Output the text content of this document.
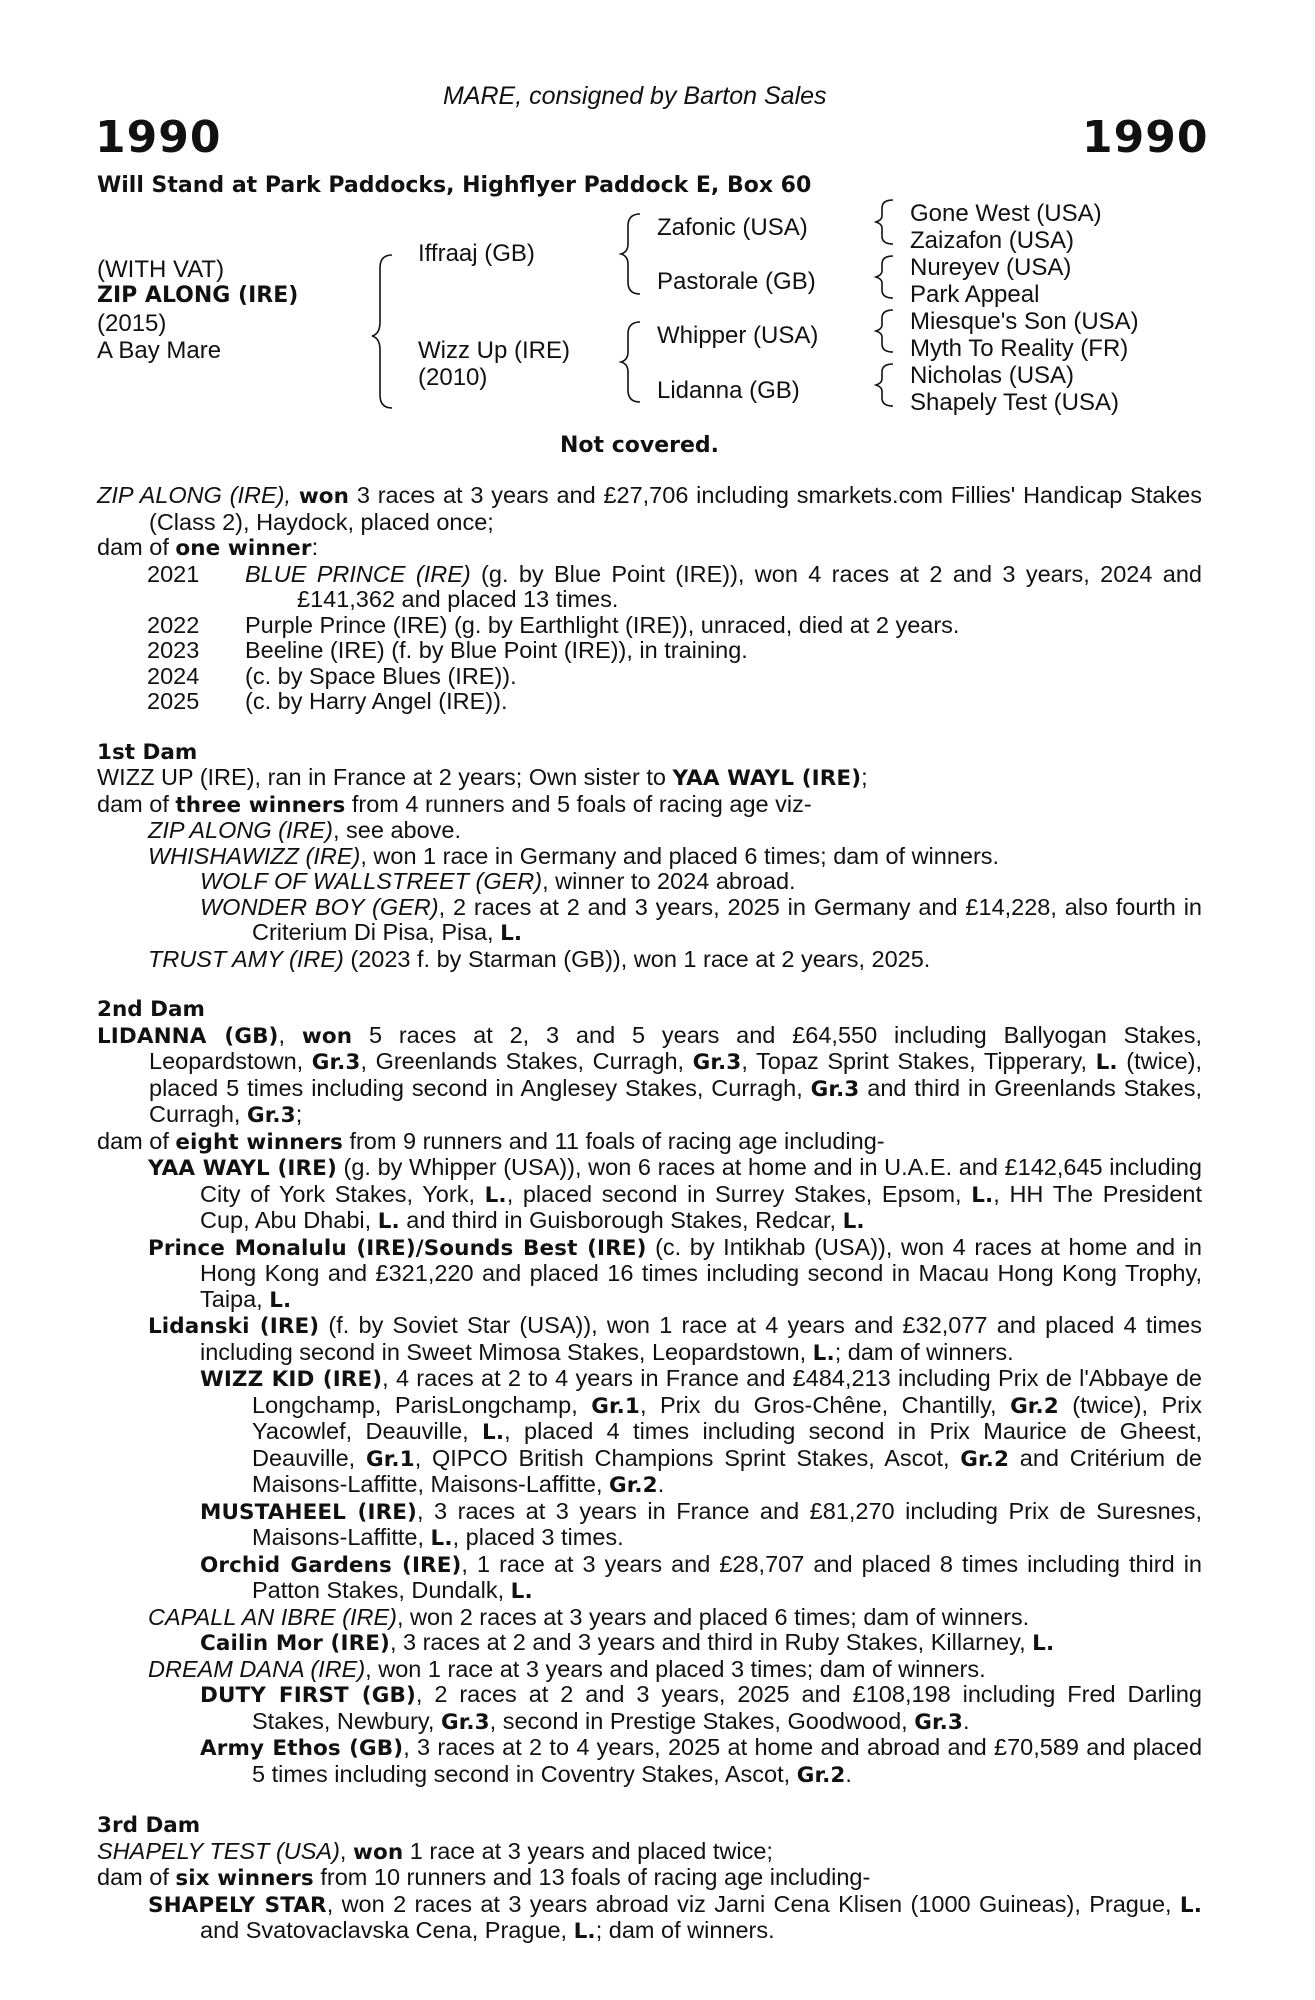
MARE, consigned by Barton Sales
1990	1990
Will Stand at Park Paddocks, Highflyer Paddock E, Box 60
(WITH VAT)
ZIP ALONG (IRE)
(2015)
A Bay Mare
Iffraaj (GB)
Wizz Up (IRE)
(2010)
Zafonic (USA)
Pastorale (GB)
Whipper (USA)
Lidanna (GB)
Gone West (USA)
Zaizafon (USA)
Nureyev (USA)
Park Appeal
Miesque's Son (USA)
Myth To Reality (FR)
Nicholas (USA)
Shapely Test (USA)
Not covered.
ZIP ALONG (IRE), won 3 races at 3 years and £27,706 including smarkets.com Fillies' Handicap Stakes (Class 2), Haydock, placed once;
dam of one winner:
2021	BLUE PRINCE (IRE) (g. by Blue Point (IRE)), won 4 races at 2 and 3 years, 2024 and £141,362 and placed 13 times.
2022	Purple Prince (IRE) (g. by Earthlight (IRE)), unraced, died at 2 years.
2023	Beeline (IRE) (f. by Blue Point (IRE)), in training.
2024	(c. by Space Blues (IRE)).
2025	(c. by Harry Angel (IRE)).
1st Dam
WIZZ UP (IRE), ran in France at 2 years; Own sister to YAA WAYL (IRE);
dam of three winners from 4 runners and 5 foals of racing age viz-
ZIP ALONG (IRE), see above.
WHISHAWIZZ (IRE), won 1 race in Germany and placed 6 times; dam of winners.
WOLF OF WALLSTREET (GER), winner to 2024 abroad.
WONDER BOY (GER), 2 races at 2 and 3 years, 2025 in Germany and £14,228, also fourth in Criterium Di Pisa, Pisa, L.
TRUST AMY (IRE) (2023 f. by Starman (GB)), won 1 race at 2 years, 2025.
2nd Dam
LIDANNA (GB), won 5 races at 2, 3 and 5 years and £64,550 including Ballyogan Stakes, Leopardstown, Gr.3, Greenlands Stakes, Curragh, Gr.3, Topaz Sprint Stakes, Tipperary, L. (twice), placed 5 times including second in Anglesey Stakes, Curragh, Gr.3 and third in Greenlands Stakes, Curragh, Gr.3;
dam of eight winners from 9 runners and 11 foals of racing age including-
YAA WAYL (IRE) (g. by Whipper (USA)), won 6 races at home and in U.A.E. and £142,645 including City of York Stakes, York, L., placed second in Surrey Stakes, Epsom, L., HH The President Cup, Abu Dhabi, L. and third in Guisborough Stakes, Redcar, L.
Prince Monalulu (IRE)/Sounds Best (IRE) (c. by Intikhab (USA)), won 4 races at home and in Hong Kong and £321,220 and placed 16 times including second in Macau Hong Kong Trophy, Taipa, L.
Lidanski (IRE) (f. by Soviet Star (USA)), won 1 race at 4 years and £32,077 and placed 4 times including second in Sweet Mimosa Stakes, Leopardstown, L.; dam of winners.
WIZZ KID (IRE), 4 races at 2 to 4 years in France and £484,213 including Prix de l'Abbaye de Longchamp, ParisLongchamp, Gr.1, Prix du Gros-Chêne, Chantilly, Gr.2 (twice), Prix Yacowlef, Deauville, L., placed 4 times including second in Prix Maurice de Gheest, Deauville, Gr.1, QIPCO British Champions Sprint Stakes, Ascot, Gr.2 and Critérium de Maisons-Laffitte, Maisons-Laffitte, Gr.2.
MUSTAHEEL (IRE), 3 races at 3 years in France and £81,270 including Prix de Suresnes, Maisons-Laffitte, L., placed 3 times.
Orchid Gardens (IRE), 1 race at 3 years and £28,707 and placed 8 times including third in Patton Stakes, Dundalk, L.
CAPALL AN IBRE (IRE), won 2 races at 3 years and placed 6 times; dam of winners.
Cailin Mor (IRE), 3 races at 2 and 3 years and third in Ruby Stakes, Killarney, L.
DREAM DANA (IRE), won 1 race at 3 years and placed 3 times; dam of winners.
DUTY FIRST (GB), 2 races at 2 and 3 years, 2025 and £108,198 including Fred Darling Stakes, Newbury, Gr.3, second in Prestige Stakes, Goodwood, Gr.3.
Army Ethos (GB), 3 races at 2 to 4 years, 2025 at home and abroad and £70,589 and placed 5 times including second in Coventry Stakes, Ascot, Gr.2.
3rd Dam
SHAPELY TEST (USA), won 1 race at 3 years and placed twice;
dam of six winners from 10 runners and 13 foals of racing age including-
SHAPELY STAR, won 2 races at 3 years abroad viz Jarni Cena Klisen (1000 Guineas), Prague, L. and Svatovaclavska Cena, Prague, L.; dam of winners.
